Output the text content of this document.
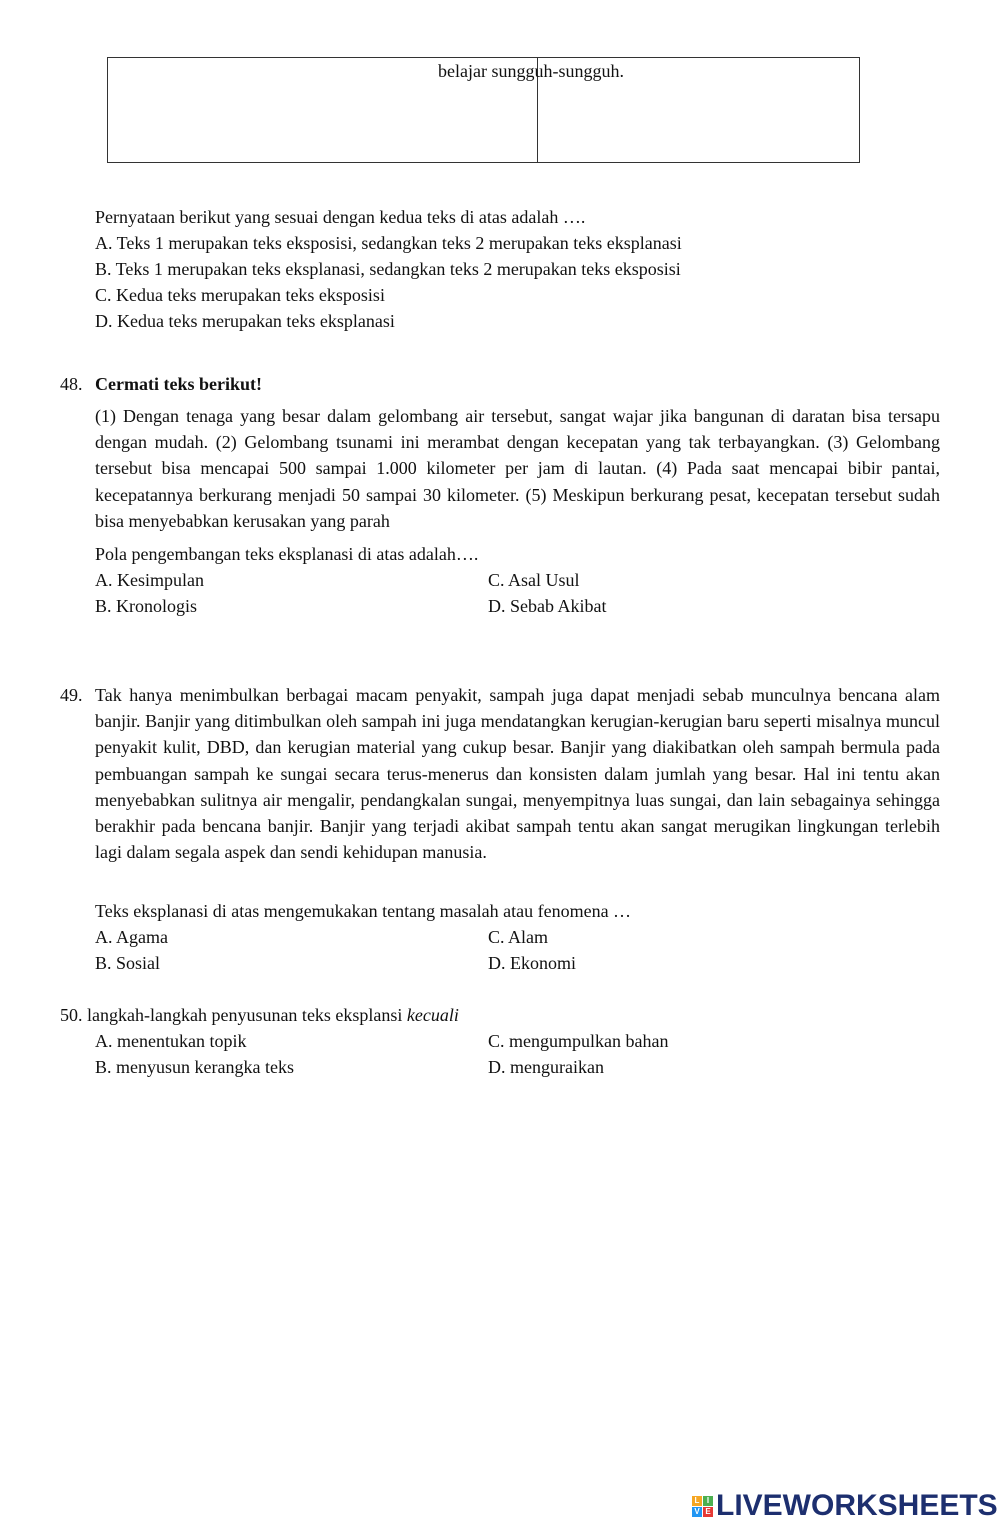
belajar sungguh-sungguh.
Pernyataan berikut yang sesuai dengan kedua teks di atas adalah ….
A. Teks 1 merupakan teks eksposisi, sedangkan teks 2 merupakan teks eksplanasi
B. Teks 1 merupakan teks eksplanasi, sedangkan teks 2 merupakan teks eksposisi
C. Kedua teks merupakan teks eksposisi
D. Kedua teks merupakan teks eksplanasi
48. Cermati teks berikut!
(1) Dengan tenaga yang besar dalam gelombang air tersebut, sangat wajar jika bangunan di daratan bisa tersapu dengan mudah. (2) Gelombang tsunami ini merambat dengan kecepatan yang tak terbayangkan. (3) Gelombang tersebut bisa mencapai 500 sampai 1.000 kilometer per jam di lautan. (4) Pada saat mencapai bibir pantai, kecepatannya berkurang menjadi 50 sampai 30 kilometer. (5) Meskipun berkurang pesat, kecepatan tersebut sudah bisa menyebabkan kerusakan yang parah
Pola pengembangan teks eksplanasi di atas adalah….
A. Kesimpulan	C. Asal Usul
B. Kronologis	D. Sebab Akibat
49. Tak hanya menimbulkan berbagai macam penyakit, sampah juga dapat menjadi sebab munculnya bencana alam banjir. Banjir yang ditimbulkan oleh sampah ini juga mendatangkan kerugian-kerugian baru seperti misalnya muncul penyakit kulit, DBD, dan kerugian material yang cukup besar. Banjir yang diakibatkan oleh sampah bermula pada pembuangan sampah ke sungai secara terus-menerus dan konsisten dalam jumlah yang besar. Hal ini tentu akan menyebabkan sulitnya air mengalir, pendangkalan sungai, menyempitnya luas sungai, dan lain sebagainya sehingga berakhir pada bencana banjir. Banjir yang terjadi akibat sampah tentu akan sangat merugikan lingkungan terlebih lagi dalam segala aspek dan sendi kehidupan manusia.
Teks eksplanasi di atas mengemukakan tentang masalah atau fenomena …
A. Agama	C. Alam
B. Sosial	D. Ekonomi
50. langkah-langkah penyusunan teks eksplansi kecuali
A. menentukan topik	C. mengumpulkan bahan
B. menyusun kerangka teks	D. menguraikan
L I
V E LIVEWORKSHEETS
